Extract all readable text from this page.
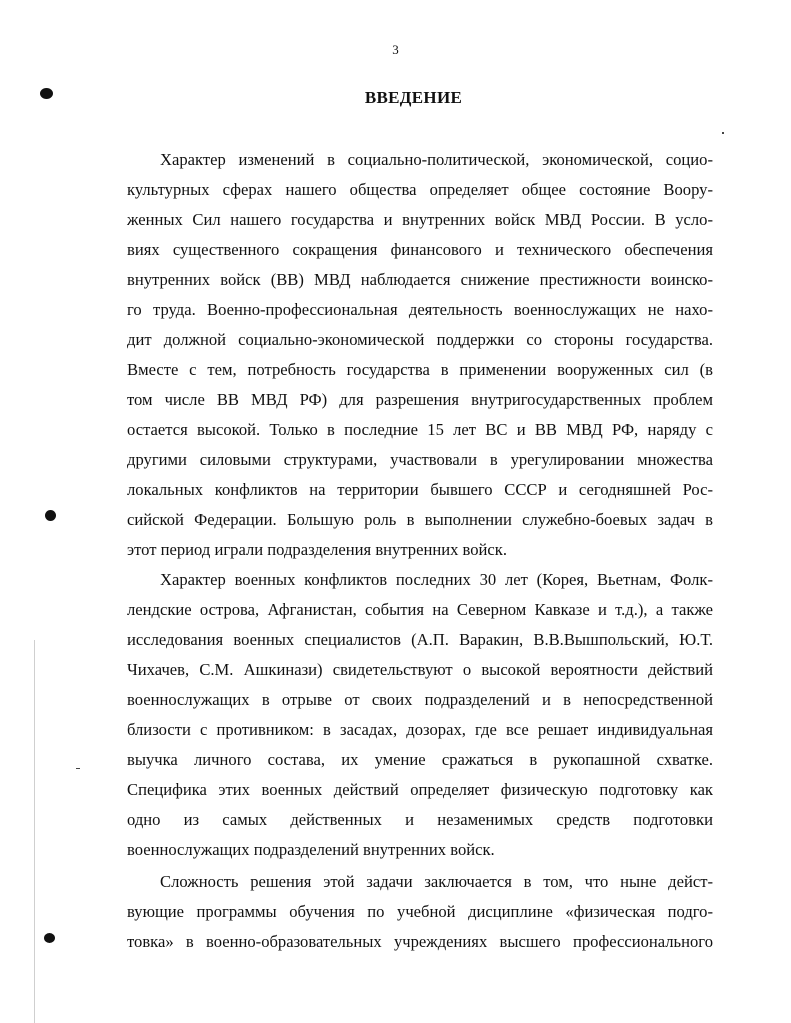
3
ВВЕДЕНИЕ
Характер изменений в социально-политической, экономической, социо-
культурных сферах нашего общества определяет общее состояние Воору-
женных Сил нашего государства и внутренних войск МВД России. В усло-
виях существенного сокращения финансового и технического обеспечения
внутренних войск (ВВ) МВД наблюдается снижение престижности воинско-
го труда. Военно-профессиональная деятельность военнослужащих не нахо-
дит должной социально-экономической поддержки со стороны государства.
Вместе с тем, потребность государства в применении вооруженных сил (в
том числе ВВ МВД РФ) для разрешения внутригосударственных проблем
остается высокой. Только в последние 15 лет ВС и ВВ МВД РФ, наряду с
другими силовыми структурами, участвовали в урегулировании множества
локальных конфликтов на территории бывшего СССР и сегодняшней Рос-
сийской Федерации. Большую роль в выполнении служебно-боевых задач в
этот период играли подразделения внутренних войск.
Характер военных конфликтов последних 30 лет (Корея, Вьетнам, Фолк-
лендские острова, Афганистан, события на Северном Кавказе и т.д.), а также
исследования военных специалистов (А.П. Варакин, В.В.Вышпольский, Ю.Т.
Чихачев, С.М. Ашкинази) свидетельствуют о высокой вероятности действий
военнослужащих в отрыве от своих подразделений и в непосредственной
близости с противником: в засадах, дозорах, где все решает индивидуальная
выучка личного состава, их умение сражаться в рукопашной схватке.
Специфика этих военных действий определяет физическую подготовку как
одно из самых действенных и незаменимых средств подготовки
военнослужащих подразделений внутренних войск.
Сложность решения этой задачи заключается в том, что ныне дейст-
вующие программы обучения по учебной дисциплине «физическая подго-
товка» в военно-образовательных учреждениях высшего профессионального
